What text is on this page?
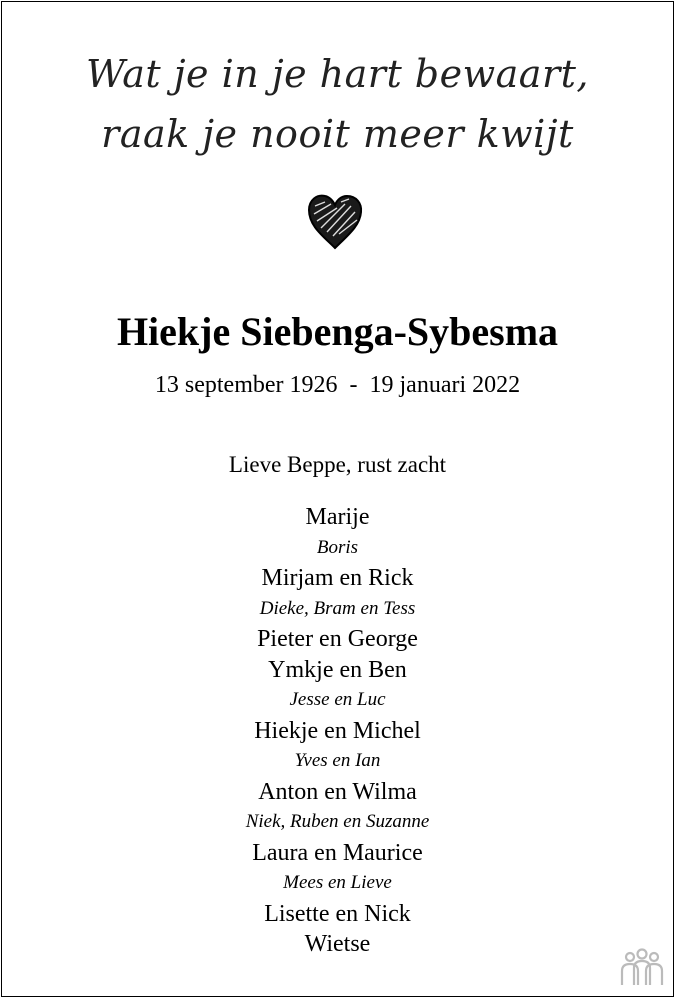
Wat je in je hart bewaart,
raak je nooit meer kwijt
Hiekje Siebenga-Sybesma
13 september 1926  -  19 januari 2022
Lieve Beppe, rust zacht
Marije
Boris
Mirjam en Rick
Dieke, Bram en Tess
Pieter en George
Ymkje en Ben
Jesse en Luc
Hiekje en Michel
Yves en Ian
Anton en Wilma
Niek, Ruben en Suzanne
Laura en Maurice
Mees en Lieve
Lisette en Nick
Wietse
